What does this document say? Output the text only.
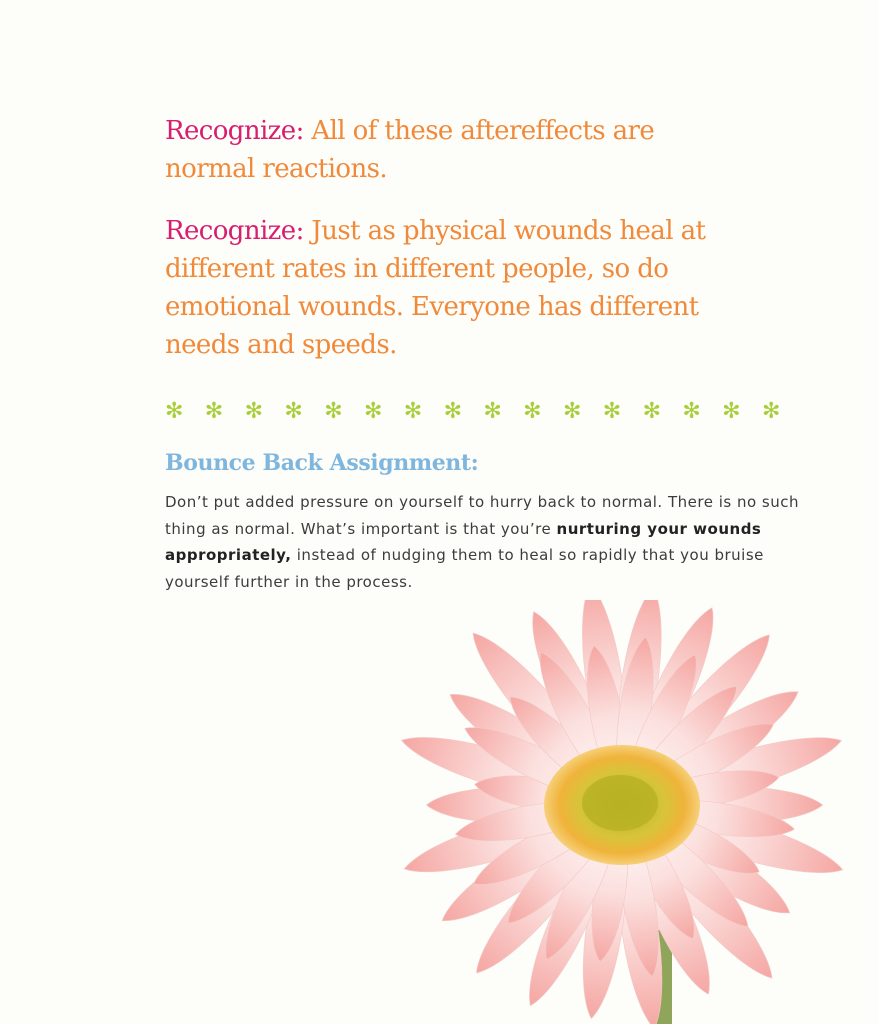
Recognize: All of these aftereffects are normal reactions.

Recognize: Just as physical wounds heal at different rates in different people, so do emotional wounds. Everyone has different needs and speeds.

✻ ✻ ✻ ✻ ✻ ✻ ✻ ✻ ✻ ✻ ✻ ✻ ✻ ✻ ✻ ✻
Bounce Back Assignment:

Don’t put added pressure on yourself to hurry back to normal. There is no such thing as normal. What’s important is that you’re nurturing your wounds appropriately, instead of nudging them to heal so rapidly that you bruise yourself further in the process.
